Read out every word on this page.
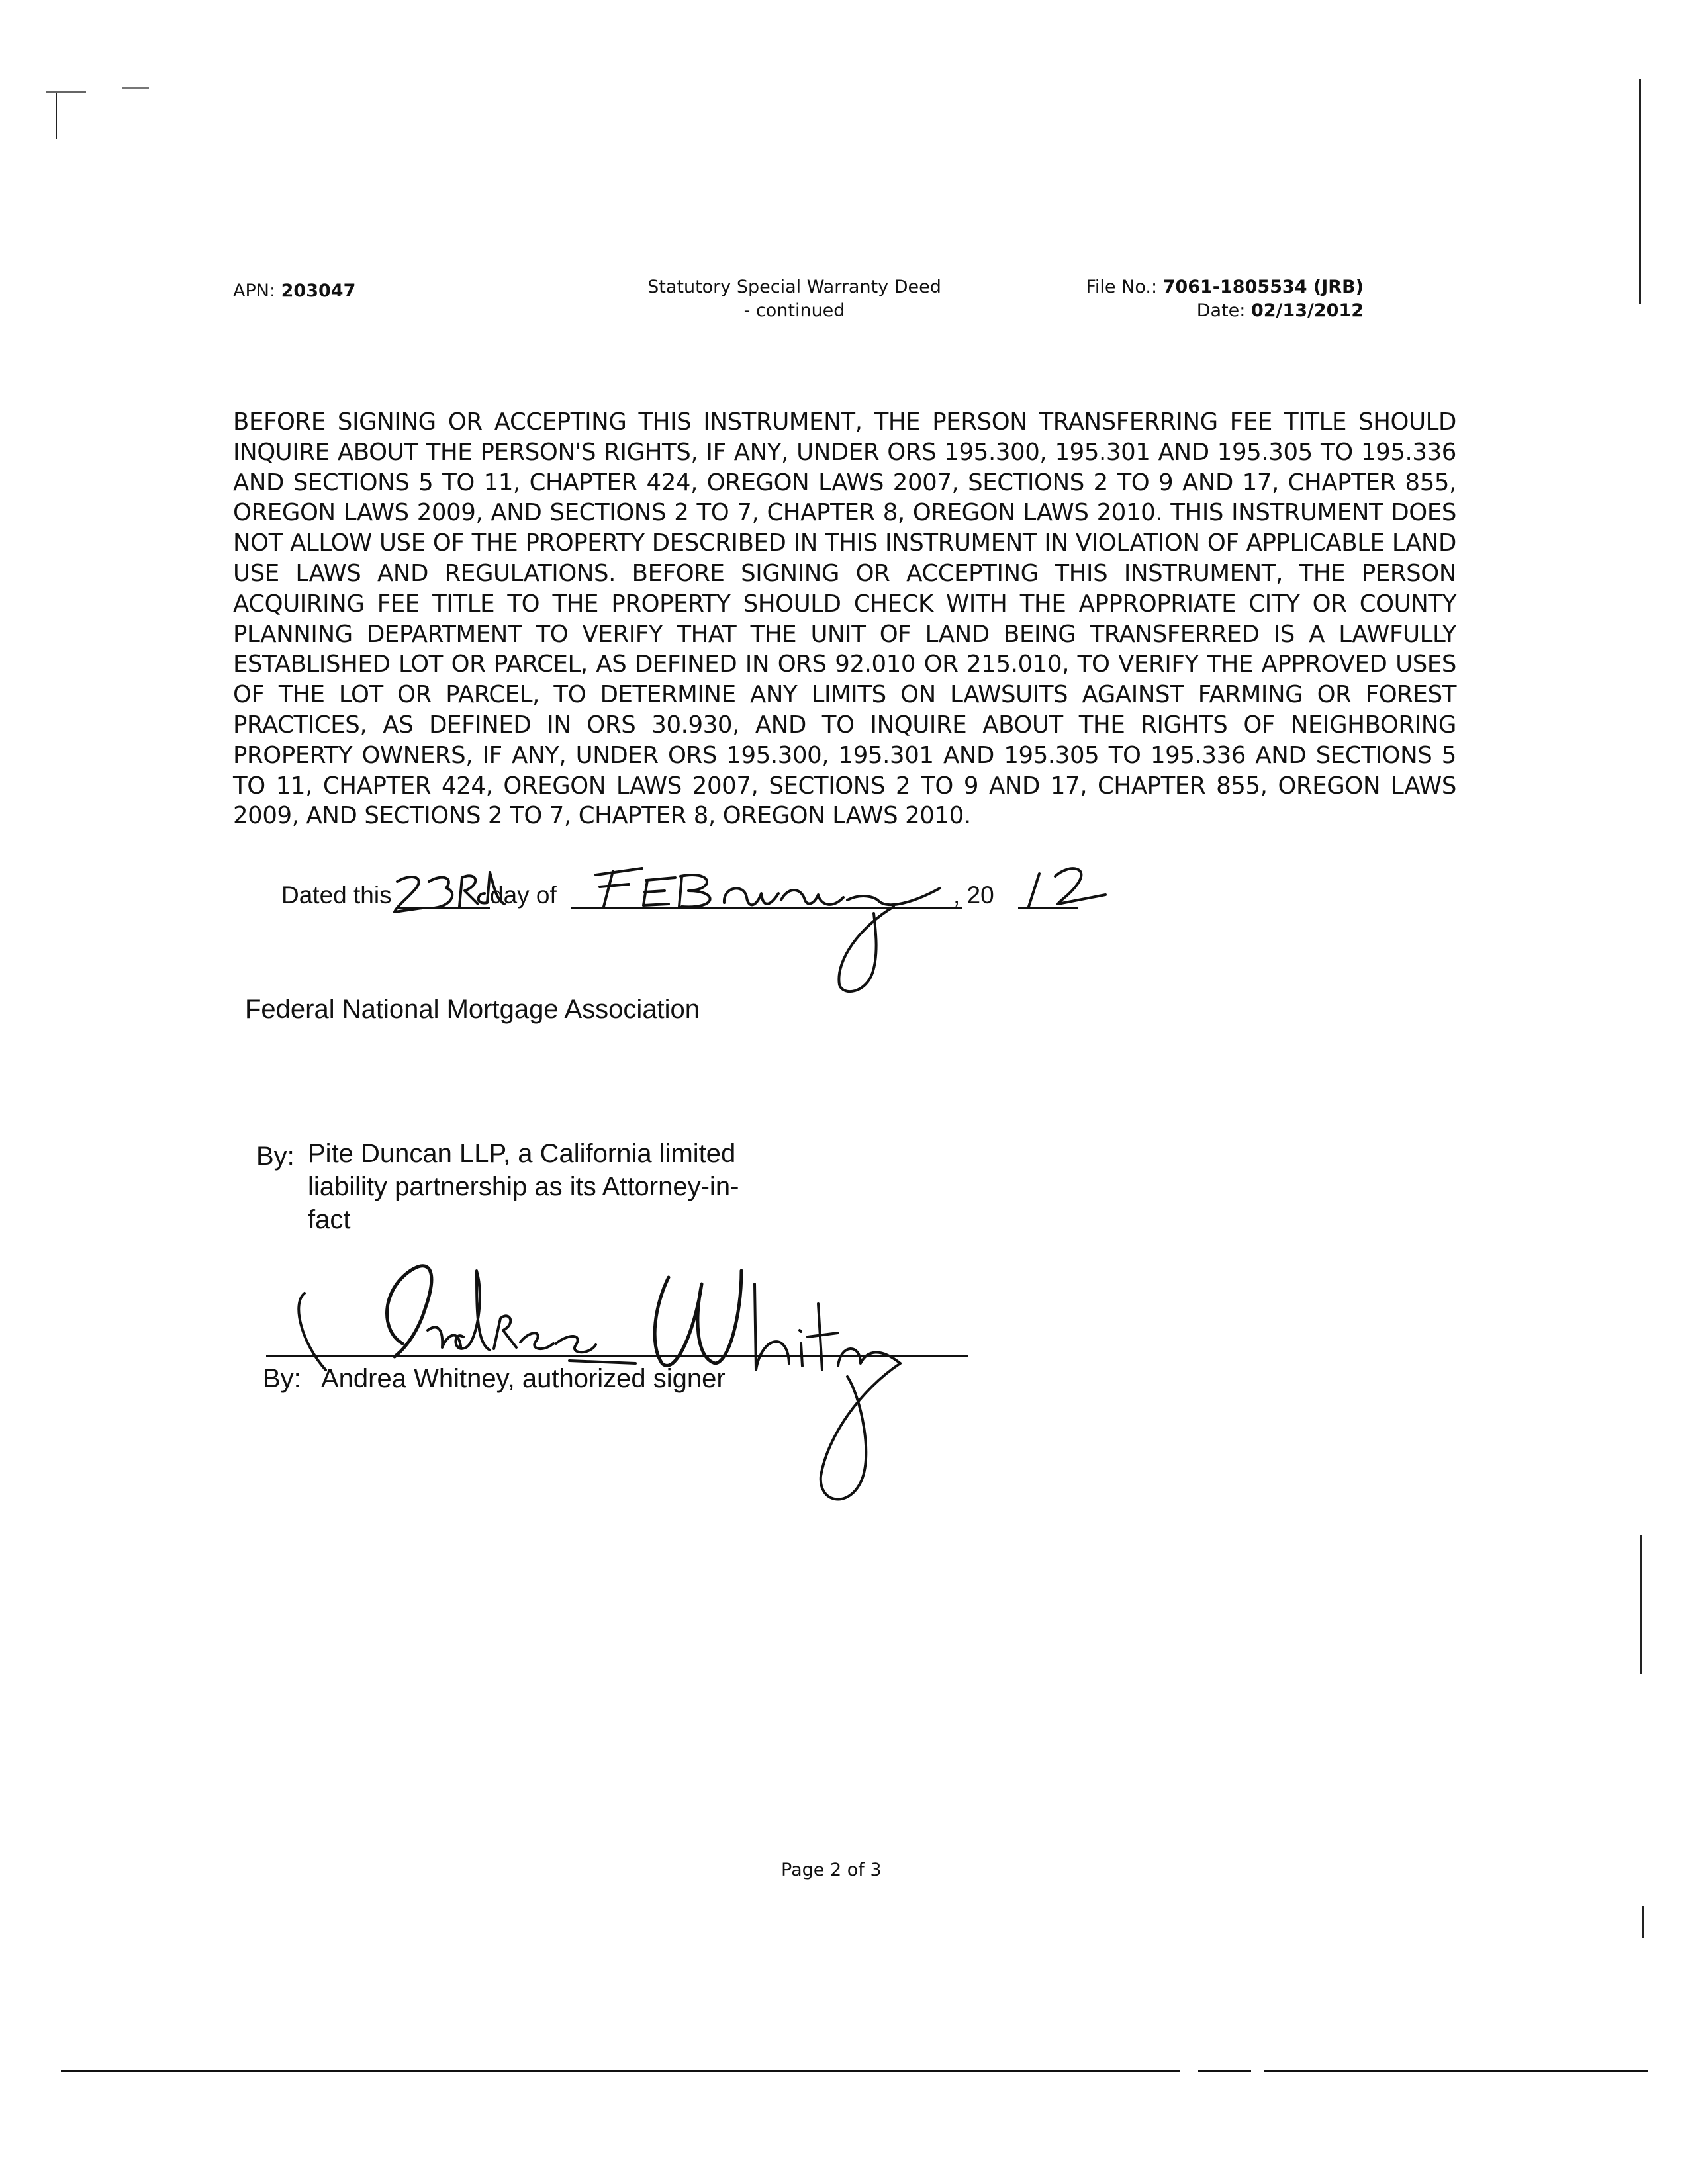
APN: 203047	Statutory Special Warranty Deed
- continued
File No.: 7061-1805534 (JRB)
Date: 02/13/2012
BEFORE SIGNING OR ACCEPTING THIS INSTRUMENT, THE PERSON TRANSFERRING FEE TITLE SHOULD INQUIRE ABOUT THE PERSON'S RIGHTS, IF ANY, UNDER ORS 195.300, 195.301 AND 195.305 TO 195.336 AND SECTIONS 5 TO 11, CHAPTER 424, OREGON LAWS 2007, SECTIONS 2 TO 9 AND 17, CHAPTER 855, OREGON LAWS 2009, AND SECTIONS 2 TO 7, CHAPTER 8, OREGON LAWS 2010. THIS INSTRUMENT DOES NOT ALLOW USE OF THE PROPERTY DESCRIBED IN THIS INSTRUMENT IN VIOLATION OF APPLICABLE LAND USE LAWS AND REGULATIONS. BEFORE SIGNING OR ACCEPTING THIS INSTRUMENT, THE PERSON ACQUIRING FEE TITLE TO THE PROPERTY SHOULD CHECK WITH THE APPROPRIATE CITY OR COUNTY PLANNING DEPARTMENT TO VERIFY THAT THE UNIT OF LAND BEING TRANSFERRED IS A LAWFULLY ESTABLISHED LOT OR PARCEL, AS DEFINED IN ORS 92.010 OR 215.010, TO VERIFY THE APPROVED USES OF THE LOT OR PARCEL, TO DETERMINE ANY LIMITS ON LAWSUITS AGAINST FARMING OR FOREST PRACTICES, AS DEFINED IN ORS 30.930, AND TO INQUIRE ABOUT THE RIGHTS OF NEIGHBORING PROPERTY OWNERS, IF ANY, UNDER ORS 195.300, 195.301 AND 195.305 TO 195.336 AND SECTIONS 5 TO 11, CHAPTER 424, OREGON LAWS 2007, SECTIONS 2 TO 9 AND 17, CHAPTER 855, OREGON LAWS 2009, AND SECTIONS 2 TO 7, CHAPTER 8, OREGON LAWS 2010.
Dated this	day of	, 20
Federal National Mortgage Association
By: Pite Duncan LLP, a California limited
liability partnership as its Attorney-in-
fact
By: Andrea Whitney, authorized signer
Page 2 of 3
